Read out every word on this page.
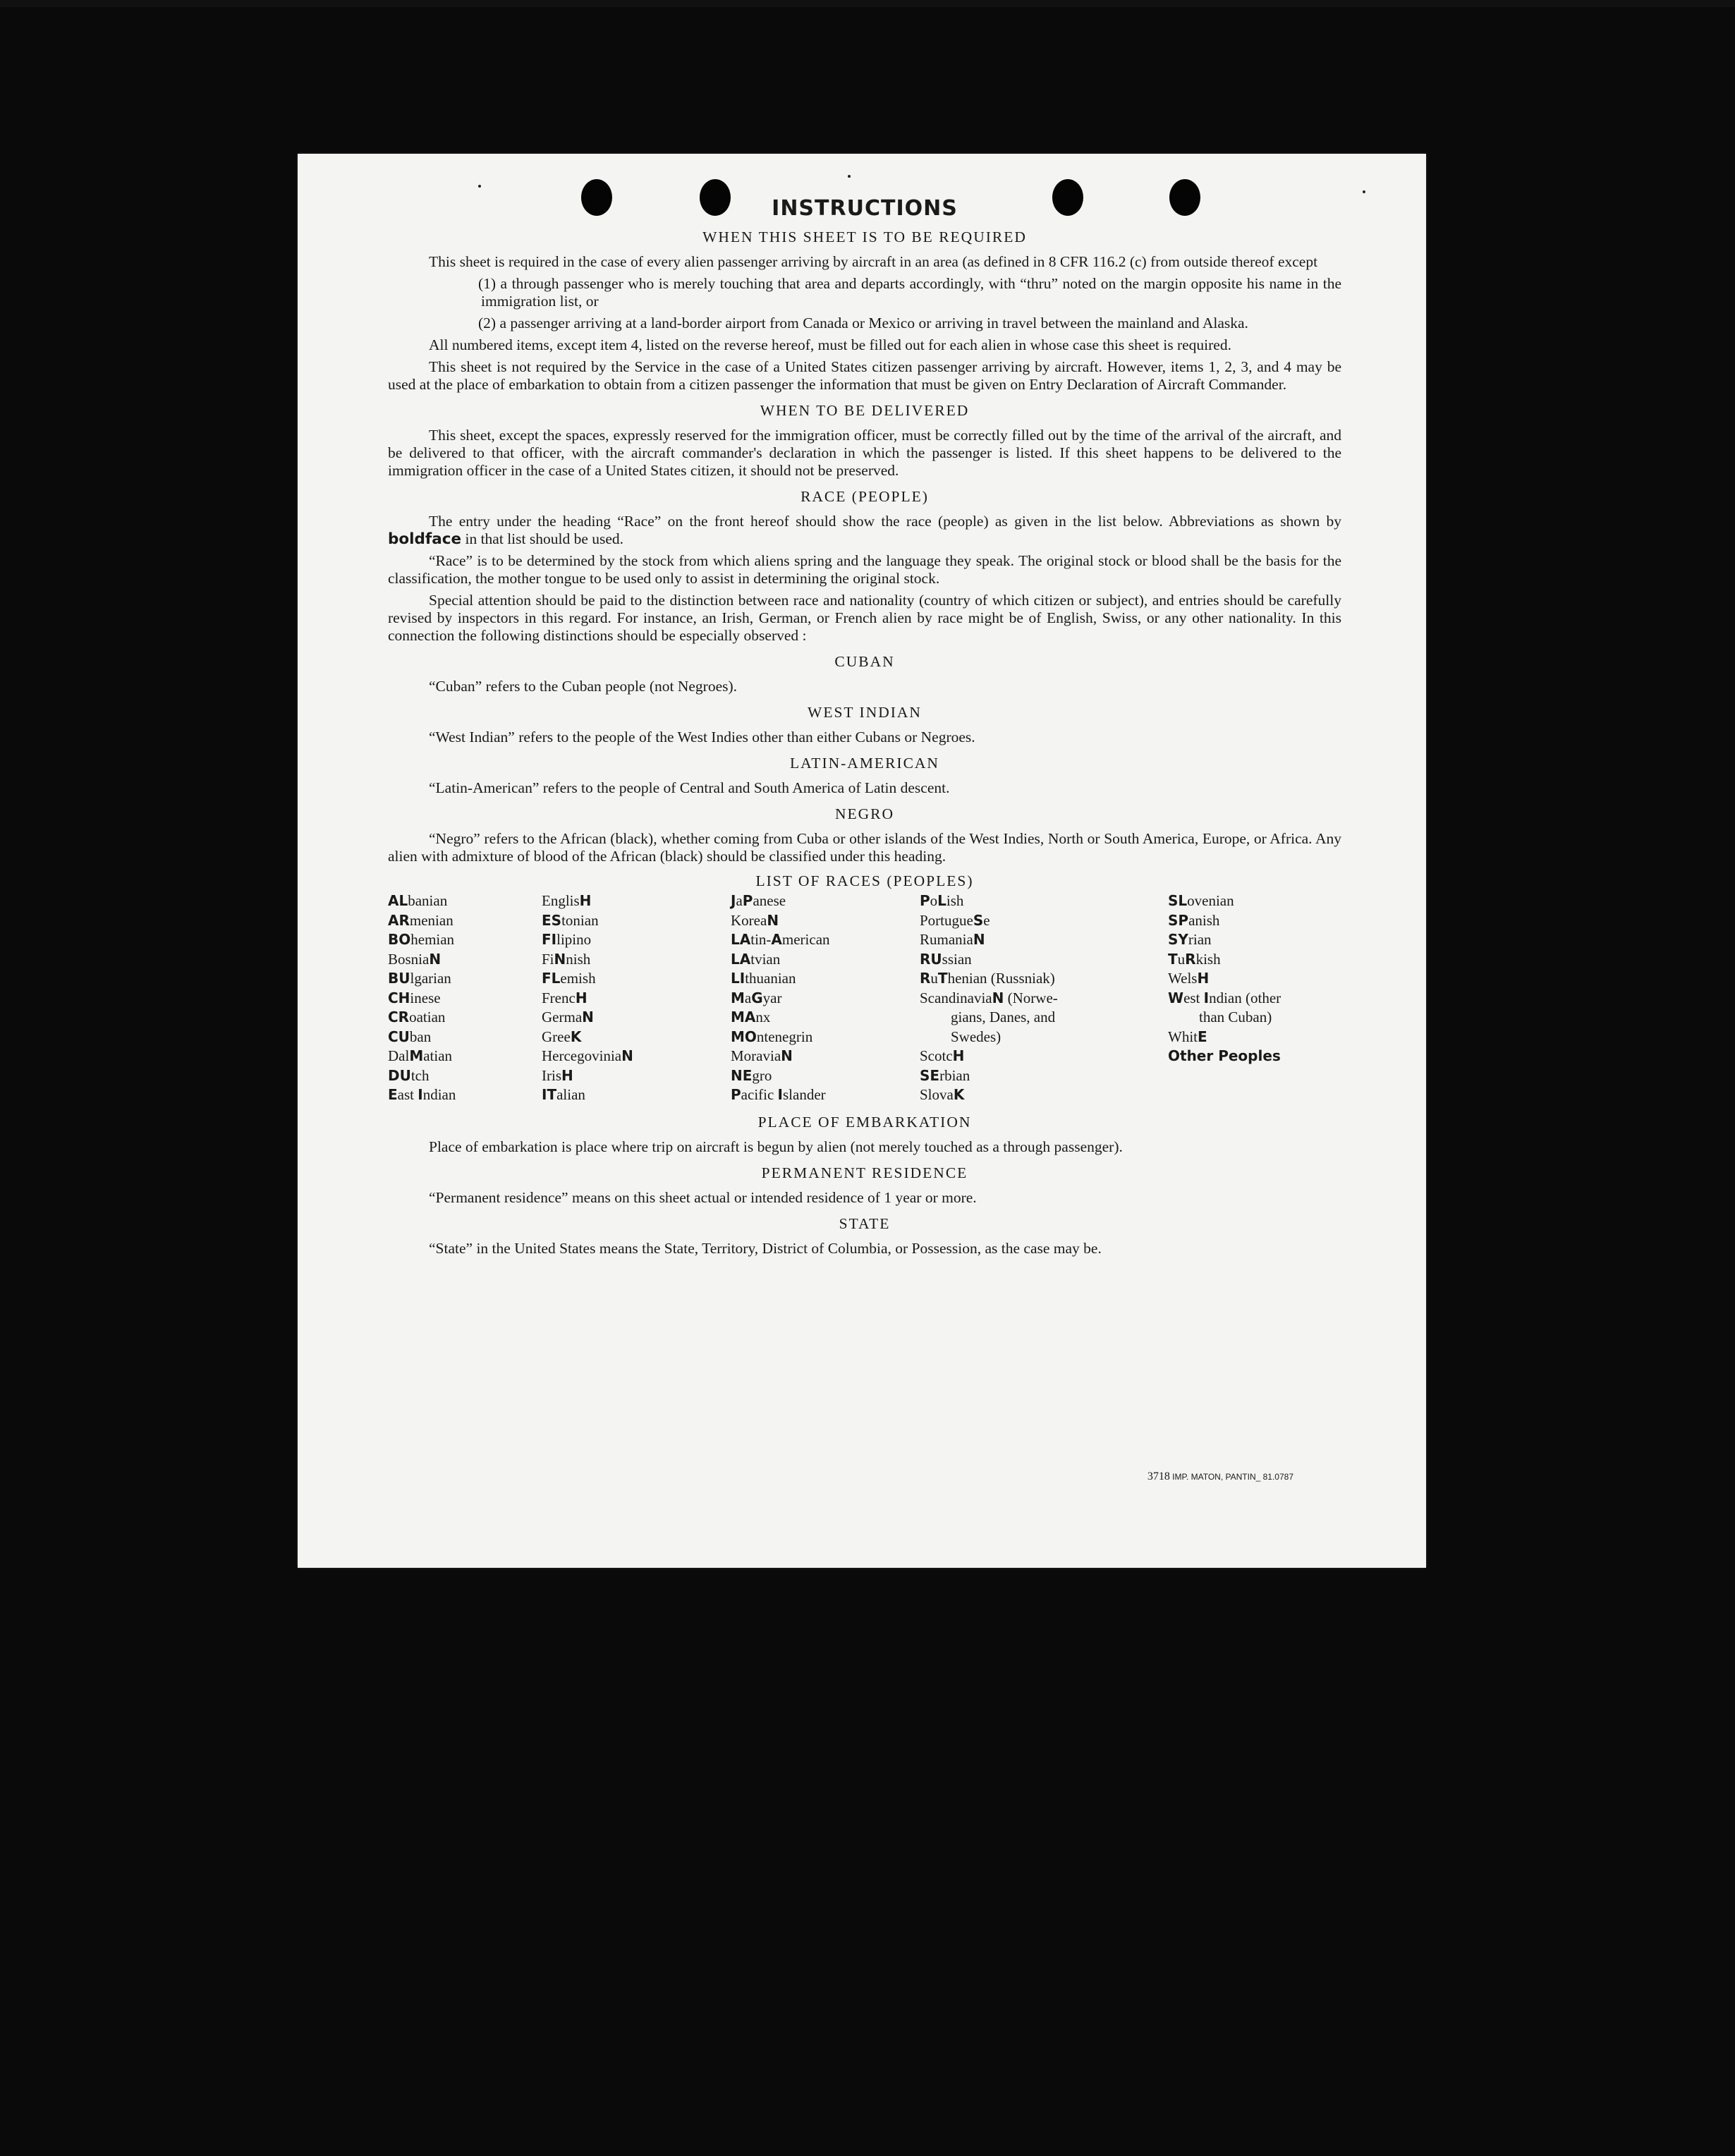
INSTRUCTIONS
WHEN THIS SHEET IS TO BE REQUIRED

This sheet is required in the case of every alien passenger arriving by aircraft in an area (as defined in 8 CFR 116.2 (c) from outside thereof except

(1) a through passenger who is merely touching that area and departs accordingly, with “thru” noted on the margin opposite his name in the immigration list, or

(2) a passenger arriving at a land-border airport from Canada or Mexico or arriving in travel between the mainland and Alaska.

All numbered items, except item 4, listed on the reverse hereof, must be filled out for each alien in whose case this sheet is required.

This sheet is not required by the Service in the case of a United States citizen passenger arriving by aircraft. However, items 1, 2, 3, and 4 may be used at the place of embarkation to obtain from a citizen passenger the information that must be given on Entry Declaration of Aircraft Commander.

WHEN TO BE DELIVERED

This sheet, except the spaces, expressly reserved for the immigration officer, must be correctly filled out by the time of the arrival of the aircraft, and be delivered to that officer, with the aircraft commander's declaration in which the passenger is listed. If this sheet happens to be delivered to the immigration officer in the case of a United States citizen, it should not be preserved.

RACE (PEOPLE)

The entry under the heading “Race” on the front hereof should show the race (people) as given in the list below. Abbreviations as shown by boldface in that list should be used.

“Race” is to be determined by the stock from which aliens spring and the language they speak. The original stock or blood shall be the basis for the classification, the mother tongue to be used only to assist in determining the original stock.

Special attention should be paid to the distinction between race and nationality (country of which citizen or subject), and entries should be carefully revised by inspectors in this regard. For instance, an Irish, German, or French alien by race might be of English, Swiss, or any other nationality. In this connection the following distinctions should be especially observed :

CUBAN

“Cuban” refers to the Cuban people (not Negroes).

WEST INDIAN

“West Indian” refers to the people of the West Indies other than either Cubans or Negroes.

LATIN-AMERICAN

“Latin-American” refers to the people of Central and South America of Latin descent.

NEGRO

“Negro” refers to the African (black), whether coming from Cuba or other islands of the West Indies, North or South America, Europe, or Africa. Any alien with admixture of blood of the African (black) should be classified under this heading.

LIST OF RACES (PEOPLES)
ALbanian
ARmenian
BOhemian
BosniaN
BUlgarian
CHinese
CRoatian
CUban
DalMatian
DUtch
East Indian
EnglisH
EStonian
FIlipino
FiNnish
FLemish
FrencH
GermaN
GreeK
HercegoviniaN
IrisH
ITalian
JaPanese
KoreaN
LAtin-American
LAtvian
LIthuanian
MaGyar
MAnx
MOntenegrin
MoraviaN
NEgro
Pacific Islander
PoLish
PortugueSe
RumaniaN
RUssian
RuThenian (Russniak)
ScandinaviaN (Norwe-
gians, Danes, and
Swedes)
ScotcH
SErbian
SlovaK
SLovenian
SPanish
SYrian
TuRkish
WelsH
West Indian (other
than Cuban)
WhitE
Other Peoples
PLACE OF EMBARKATION

Place of embarkation is place where trip on aircraft is begun by alien (not merely touched as a through passenger).

PERMANENT RESIDENCE

“Permanent residence” means on this sheet actual or intended residence of 1 year or more.

STATE

“State” in the United States means the State, Territory, District of Columbia, or Possession, as the case may be.

3718 IMP. MATON, PANTIN_ 81.0787
